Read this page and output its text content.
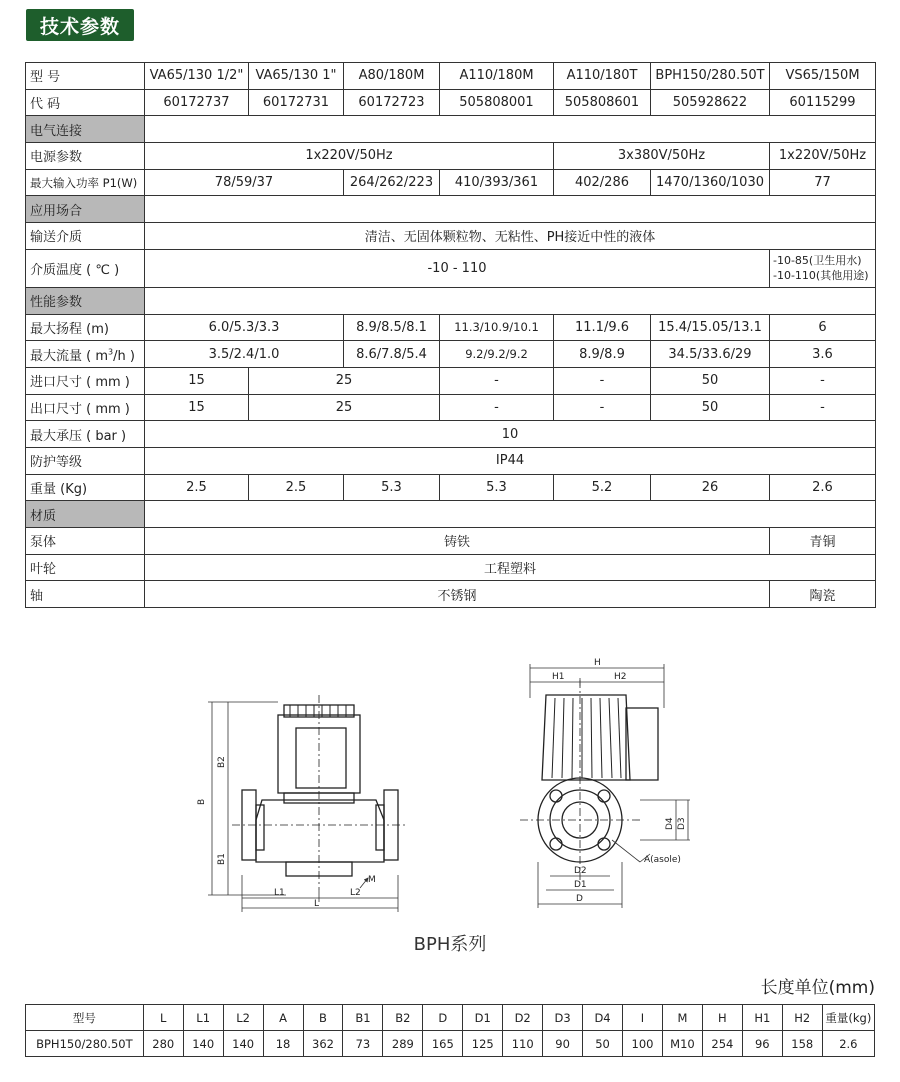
技术参数
型 号	VA65/130 1/2"	VA65/130 1"	A80/180M	A110/180M	A110/180T	BPH150/280.50T	VS65/150M
代 码	60172737	60172731	60172723	505808001	505808601	505928622	60115299
电气连接							
电源参数	1x220V/50Hz				3x380V/50Hz		1x220V/50Hz
最大输入功率 P1(W)	78/59/37		264/262/223	410/393/361	402/286	1470/1360/1030	77
应用场合							
输送介质	清洁、无固体颗粒物、无粘性、PH接近中性的液体						
介质温度 ( ℃ )	-10 - 110						-10-85(卫生用水)
-10-110(其他用途)

性能参数							
最大扬程 (m)	6.0/5.3/3.3		8.9/8.5/8.1	11.3/10.9/10.1	11.1/9.6	15.4/15.05/13.1	6
最大流量 ( $m^3/h$ )	3.5/2.4/1.0		8.6/7.8/5.4	9.2/9.2/9.2	8.9/8.9	34.5/33.6/29	3.6
进口尺寸 ( mm )	15	25		-	-	50	-
出口尺寸 ( mm )	15	25		-	-	50	-
最大承压 ( bar )	10						
防护等级	IP44						
重量 (Kg)	2.5	2.5	5.3	5.3	5.2	26	2.6
材质							
泵体	铸铁						青铜
叶轮	工程塑料						
轴	不锈钢						陶瓷
B
B2
B1
L1	L2
L
M
H
H1	H2
D4 D3
D2
D1
D
A(asole)
BPH系列
长度单位(mm)
型号	L	L1	L2	A	B	B1	B2	D	D1	D2	D3	D4	I	M	H	H1	H2	重量(kg)
BPH150/280.50T	280	140	140	18	362	73	289	165	125	110	90	50	100	M10	254	96	158	2.6
